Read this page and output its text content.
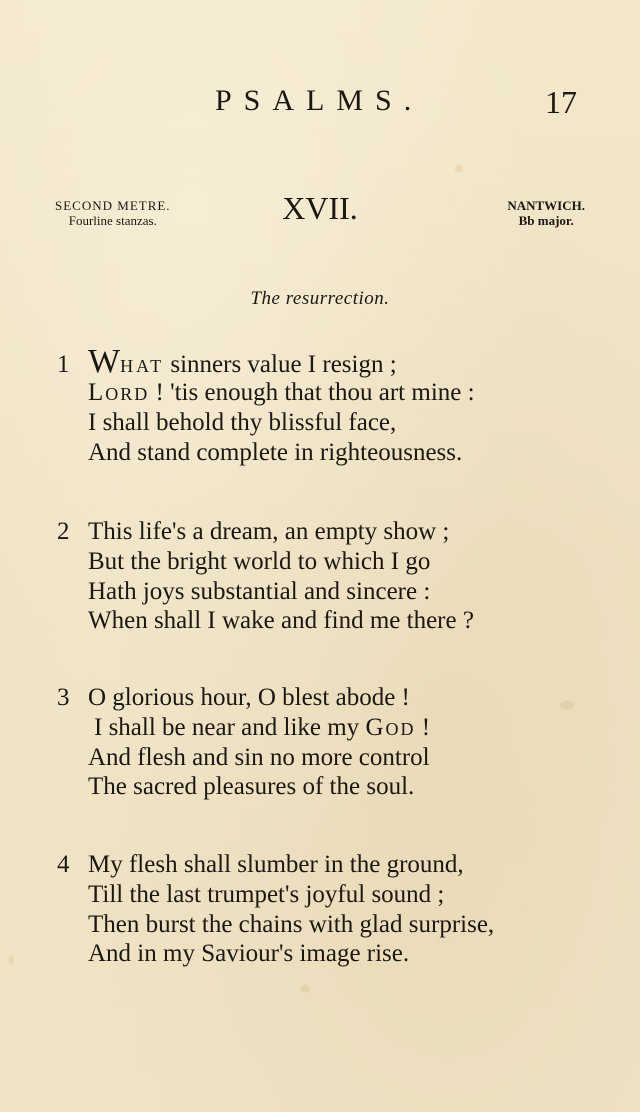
PSALMS.	17
SECOND METRE.
Fourline stanzas.	XVII.	NANTWICH.
Bb major.
The resurrection.
1 What sinners value I resign ;
Lord ! 'tis enough that thou art mine :
I shall behold thy blissful face,
And stand complete in righteousness.
2 This life's a dream, an empty show ;
But the bright world to which I go
Hath joys substantial and sincere :
When shall I wake and find me there ?
3 O glorious hour, O blest abode !
I shall be near and like my God !
And flesh and sin no more control
The sacred pleasures of the soul.
4 My flesh shall slumber in the ground,
Till the last trumpet's joyful sound ;
Then burst the chains with glad surprise,
And in my Saviour's image rise.
